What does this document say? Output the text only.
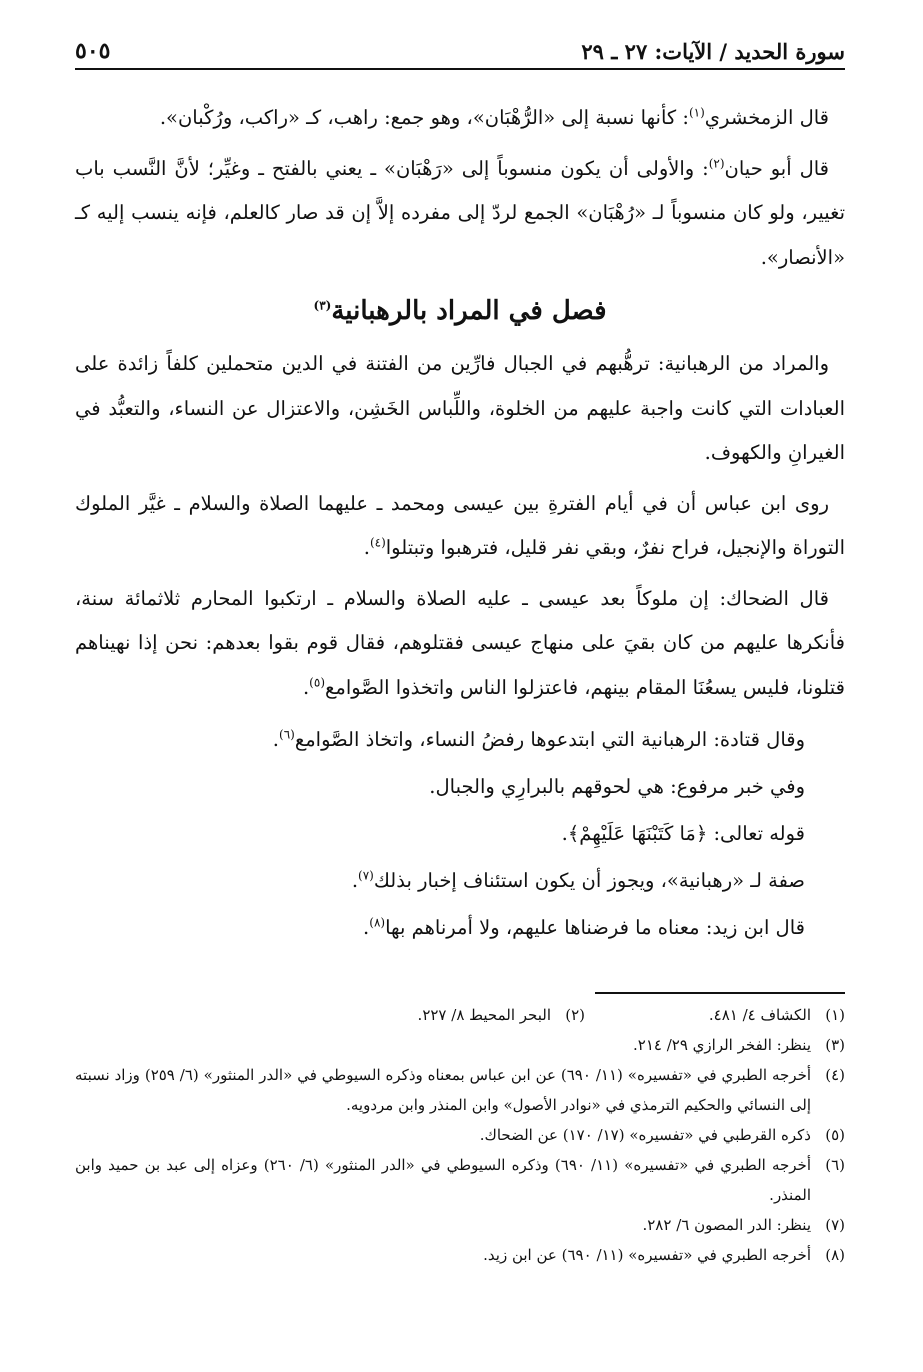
سورة الحديد / الآيات: ٢٧ ـ ٢٩
٥٠٥

قال الزمخشري$^{(١)}$: كأنها نسبة إلى «الرُّهْبَان»، وهو جمع: راهب، كـ «راكب، ورُكْبان».

قال أبو حيان$^{(٢)}$: والأولى أن يكون منسوباً إلى «رَهْبَان» ـ يعني بالفتح ـ وغيِّر؛ لأنَّ النَّسب باب تغيير، ولو كان منسوباً لـ «رُهْبَان» الجمع لردّ إلى مفرده إلاَّ إن قد صار كالعلم، فإنه ينسب إليه كـ «الأنصار».

فصل في المراد بالرهبانية$^{(٣)}$

والمراد من الرهبانية: ترهُّبهم في الجبال فارِّين من الفتنة في الدين متحملين كلفاً زائدة على العبادات التي كانت واجبة عليهم من الخلوة، واللِّباس الخَشِن، والاعتزال عن النساء، والتعبُّد في الغيرانِ والكهوف.

روى ابن عباس أن في أيام الفترةِ بين عيسى ومحمد ـ عليهما الصلاة والسلام ـ غيَّر الملوك التوراة والإنجيل، فراح نفرٌ، وبقي نفر قليل، فترهبوا وتبتلوا$^{(٤)}$.

قال الضحاك: إن ملوكاً بعد عيسى ـ عليه الصلاة والسلام ـ ارتكبوا المحارم ثلاثمائة سنة، فأنكرها عليهم من كان بقيَ على منهاج عيسى فقتلوهم، فقال قوم بقوا بعدهم: نحن إذا نهيناهم قتلونا، فليس يسعُنَا المقام بينهم، فاعتزلوا الناس واتخذوا الصَّوامع$^{(٥)}$.

وقال قتادة: الرهبانية التي ابتدعوها رفضُ النساء، واتخاذ الصَّوامع$^{(٦)}$.

وفي خبر مرفوع: هي لحوقهم بالبرارِي والجبال.

قوله تعالى: ﴿مَا كَتَبْنَهَا عَلَيْهِمْ﴾.

صفة لـ «رهبانية»، ويجوز أن يكون استئناف إخبار بذلك$^{(٧)}$.

قال ابن زيد: معناه ما فرضناها عليهم، ولا أمرناهم بها$^{(٨)}$.

(١)
الكشاف ٤/ ٤٨١.
(٢)
البحر المحيط ٨/ ٢٢٧.
(٣)
ينظر: الفخر الرازي ٢٩/ ٢١٤.
(٤)
أخرجه الطبري في «تفسيره» (١١/ ٦٩٠) عن ابن عباس بمعناه وذكره السيوطي في «الدر المنثور» (٦/ ٢٥٩) وزاد نسبته إلى النسائي والحكيم الترمذي في «نوادر الأصول» وابن المنذر وابن مردويه.
(٥)
ذكره القرطبي في «تفسيره» (١٧/ ١٧٠) عن الضحاك.
(٦)
أخرجه الطبري في «تفسيره» (١١/ ٦٩٠) وذكره السيوطي في «الدر المنثور» (٦/ ٢٦٠) وعزاه إلى عبد بن حميد وابن المنذر.
(٧)
ينظر: الدر المصون ٦/ ٢٨٢.
(٨)
أخرجه الطبري في «تفسيره» (١١/ ٦٩٠) عن ابن زيد.
